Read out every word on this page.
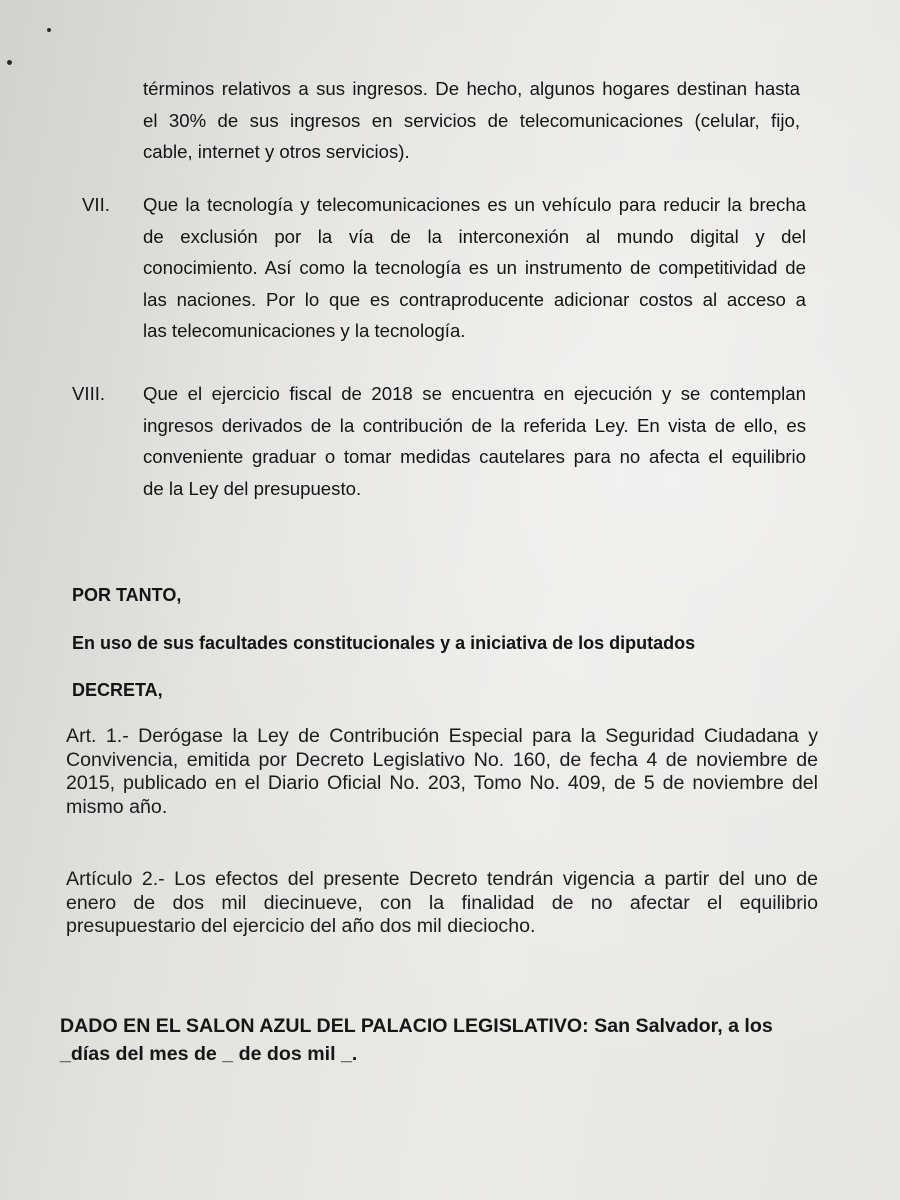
términos relativos a sus ingresos. De hecho, algunos hogares destinan hasta
el 30% de sus ingresos en servicios de telecomunicaciones (celular, fijo,
cable, internet y otros servicios).
VII. Que la tecnología y telecomunicaciones es un vehículo para reducir la brecha
de exclusión por la vía de la interconexión al mundo digital y del
conocimiento. Así como la tecnología es un instrumento de competitividad de
las naciones. Por lo que es contraproducente adicionar costos al acceso a
las telecomunicaciones y la tecnología.
VIII. Que el ejercicio fiscal de 2018 se encuentra en ejecución y se contemplan
ingresos derivados de la contribución de la referida Ley. En vista de ello, es
conveniente graduar o tomar medidas cautelares para no afecta el equilibrio
de la Ley del presupuesto.
POR TANTO,
En uso de sus facultades constitucionales y a iniciativa de los diputados
DECRETA,
Art. 1.- Derógase la Ley de Contribución Especial para la Seguridad Ciudadana y
Convivencia, emitida por Decreto Legislativo No. 160, de fecha 4 de noviembre de
2015, publicado en el Diario Oficial No. 203, Tomo No. 409, de 5 de noviembre del
mismo año.
Artículo 2.- Los efectos del presente Decreto tendrán vigencia a partir del uno de
enero de dos mil diecinueve, con la finalidad de no afectar el equilibrio
presupuestario del ejercicio del año dos mil dieciocho.
DADO EN EL SALON AZUL DEL PALACIO LEGISLATIVO: San Salvador, a los
_días del mes de _ de dos mil _.
